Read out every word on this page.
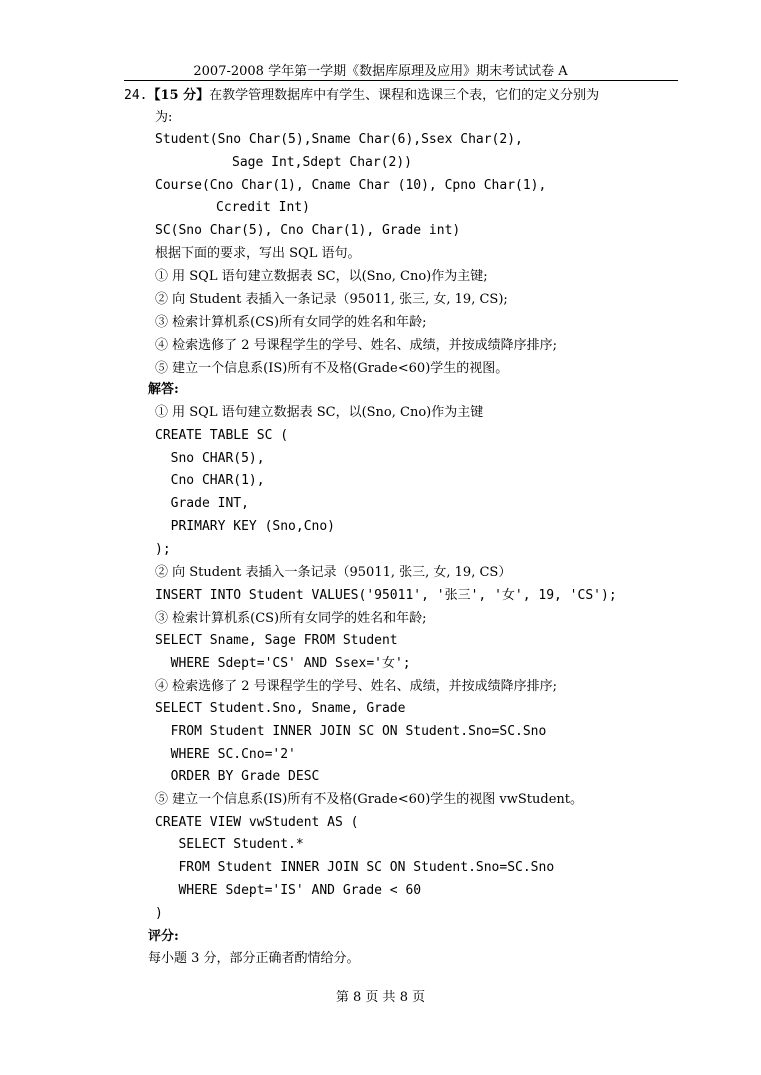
2007-2008 学年第一学期《数据库原理及应用》期末考试试卷 A
24.【15 分】在教学管理数据库中有学生、课程和选课三个表，它们的定义分别为
为:
Student(Sno Char(5),Sname Char(6),Ssex Char(2),
Sage Int,Sdept Char(2))
Course(Cno Char(1), Cname Char (10), Cpno Char(1),
Ccredit Int)
SC(Sno Char(5), Cno Char(1), Grade int)
根据下面的要求，写出 SQL 语句。
① 用 SQL 语句建立数据表 SC，以(Sno, Cno)作为主键;
② 向 Student 表插入一条记录（95011, 张三, 女, 19, CS);
③ 检索计算机系(CS)所有女同学的姓名和年龄;
④ 检索选修了 2 号课程学生的学号、姓名、成绩，并按成绩降序排序;
⑤ 建立一个信息系(IS)所有不及格(Grade<60)学生的视图。
解答:
① 用 SQL 语句建立数据表 SC，以(Sno, Cno)作为主键
CREATE TABLE SC (
Sno CHAR(5),
Cno CHAR(1),
Grade INT,
PRIMARY KEY (Sno,Cno)
);
② 向 Student 表插入一条记录（95011, 张三, 女, 19, CS）
INSERT INTO Student VALUES('95011', '张三', '女', 19, 'CS');
③ 检索计算机系(CS)所有女同学的姓名和年龄;
SELECT Sname, Sage FROM Student
WHERE Sdept='CS' AND Ssex='女';
④ 检索选修了 2 号课程学生的学号、姓名、成绩，并按成绩降序排序;
SELECT Student.Sno, Sname, Grade
FROM Student INNER JOIN SC ON Student.Sno=SC.Sno
WHERE SC.Cno='2'
ORDER BY Grade DESC
⑤ 建立一个信息系(IS)所有不及格(Grade<60)学生的视图 vwStudent。
CREATE VIEW vwStudent AS (
SELECT Student.*
FROM Student INNER JOIN SC ON Student.Sno=SC.Sno
WHERE Sdept='IS' AND Grade < 60
)
评分:
每小题 3 分，部分正确者酌情给分。
第 8 页 共 8 页
